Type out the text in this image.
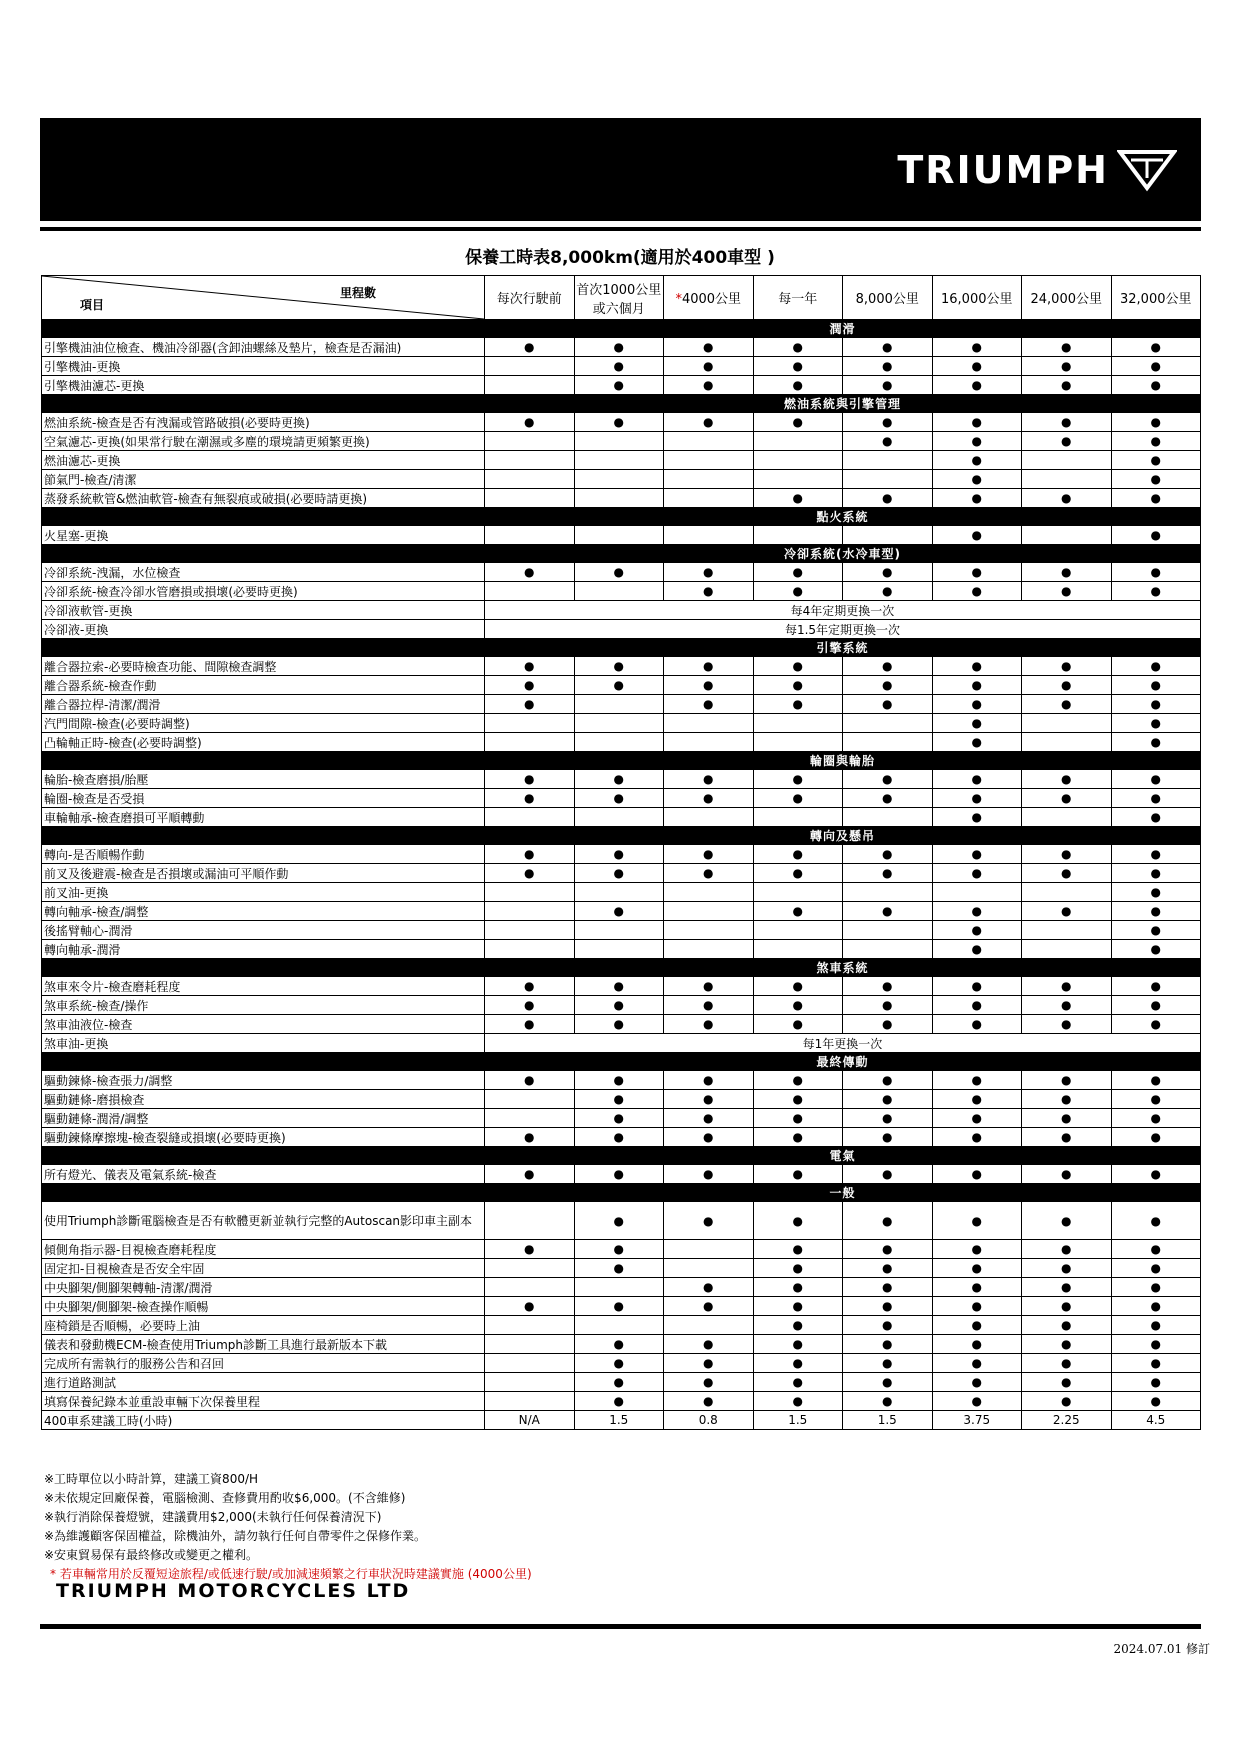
TRIUMPH
保養工時表8,000km(適用於400車型 )
里程數
項目	每次行駛前	首次1000公里
或六個月	*4000公里	每一年	8,000公里	16,000公里	24,000公里	32,000公里
	潤滑							
引擎機油油位檢查、機油冷卻器(含卸油螺絲及墊片，檢查是否漏油)	●	●	●	●	●	●	●	●
引擎機油-更換		●	●	●	●	●	●	●
引擎機油濾芯-更換		●	●	●	●	●	●	●
	燃油系統與引擎管理							
燃油系統-檢查是否有洩漏或管路破損(必要時更換)	●	●	●	●	●	●	●	●
空氣濾芯-更換(如果常行駛在潮濕或多塵的環境請更頻繁更換)					●	●	●	●
燃油濾芯-更換						●		●
節氣門-檢查/清潔						●		●
蒸發系統軟管&燃油軟管-檢查有無裂痕或破損(必要時請更換)				●	●	●	●	●
	點火系統							
火星塞-更換						●		●
	冷卻系統(水冷車型)							
冷卻系統-洩漏，水位檢查	●	●	●	●	●	●	●	●
冷卻系統-檢查冷卻水管磨損或損壞(必要時更換)			●	●	●	●	●	●
冷卻液軟管-更換	每4年定期更換一次							
冷卻液-更換	每1.5年定期更換一次							
	引擎系統							
離合器拉索-必要時檢查功能、間隙檢查調整	●	●	●	●	●	●	●	●
離合器系統-檢查作動	●	●	●	●	●	●	●	●
離合器拉桿-清潔/潤滑	●		●	●	●	●	●	●
汽門間隙-檢查(必要時調整)						●		●
凸輪軸正時-檢查(必要時調整)						●		●
	輪圈與輪胎							
輪胎-檢查磨損/胎壓	●	●	●	●	●	●	●	●
輪圈-檢查是否受損	●	●	●	●	●	●	●	●
車輪軸承-檢查磨損可平順轉動						●		●
	轉向及懸吊							
轉向-是否順暢作動	●	●	●	●	●	●	●	●
前叉及後避震-檢查是否損壞或漏油可平順作動	●	●	●	●	●	●	●	●
前叉油-更換								●
轉向軸承-檢查/調整		●		●	●	●	●	●
後搖臂軸心-潤滑						●		●
轉向軸承-潤滑						●		●
	煞車系統							
煞車來令片-檢查磨耗程度	●	●	●	●	●	●	●	●
煞車系統-檢查/操作	●	●	●	●	●	●	●	●
煞車油液位-檢查	●	●	●	●	●	●	●	●
煞車油-更換	每1年更換一次							
	最終傳動							
驅動鍊條-檢查張力/調整	●	●	●	●	●	●	●	●
驅動鏈條-磨損檢查		●	●	●	●	●	●	●
驅動鏈條-潤滑/調整		●	●	●	●	●	●	●
驅動鍊條摩擦塊-檢查裂縫或損壞(必要時更換)	●	●	●	●	●	●	●	●
	電氣							
所有燈光、儀表及電氣系統-檢查	●	●	●	●	●	●	●	●
	一般							
使用Triumph診斷電腦檢查是否有軟體更新並執行完整的Autoscan影印車主副本		●	●	●	●	●	●	●
傾側角指示器-目視檢查磨耗程度	●	●		●	●	●	●	●
固定扣-目視檢查是否安全牢固		●		●	●	●	●	●
中央腳架/側腳架轉軸-清潔/潤滑			●	●	●	●	●	●
中央腳架/側腳架-檢查操作順暢	●	●	●	●	●	●	●	●
座椅鎖是否順暢，必要時上油				●	●	●	●	●
儀表和發動機ECM-檢查使用Triumph診斷工具進行最新版本下載		●	●	●	●	●	●	●
完成所有需執行的服務公告和召回		●	●	●	●	●	●	●
進行道路測試		●	●	●	●	●	●	●
填寫保養紀錄本並重設車輛下次保養里程		●	●	●	●	●	●	●
400車系建議工時(小時)	N/A	1.5	0.8	1.5	1.5	3.75	2.25	4.5
※工時單位以小時計算，建議工資800/H
※未依規定回廠保養，電腦檢測、查修費用酌收$6,000。(不含維修)
※執行消除保養燈號，建議費用$2,000(未執行任何保養清況下)
※為維護顧客保固權益，除機油外，請勿執行任何自帶零件之保修作業。
※安東貿易保有最終修改或變更之權利。
* 若車輛常用於反覆短途旅程/或低速行駛/或加減速頻繁之行車狀況時建議實施 (4000公里)
TRIUMPH MOTORCYCLES LTD
2024.07.01 修訂
